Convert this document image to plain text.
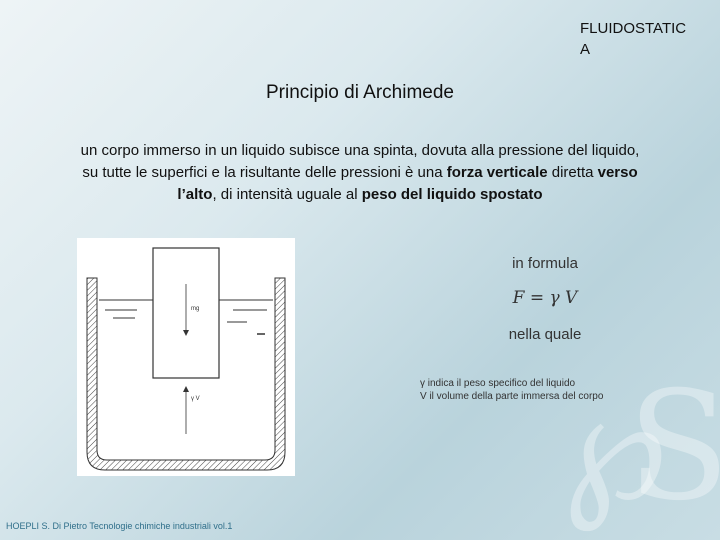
℘S
FLUIDOSTATIC A
Principio di Archimede
un corpo immerso in un liquido subisce una spinta, dovuta alla pressione del liquido, su tutte le superfici e la risultante delle pressioni è una forza verticale diretta verso l’alto, di intensità uguale al peso del liquido spostato
mg
γ V
in formula
F = γ V
nella quale
γ indica il peso specifico del liquido
V il volume della parte immersa del corpo
HOEPLI S. Di Pietro Tecnologie chimiche industriali vol.1
